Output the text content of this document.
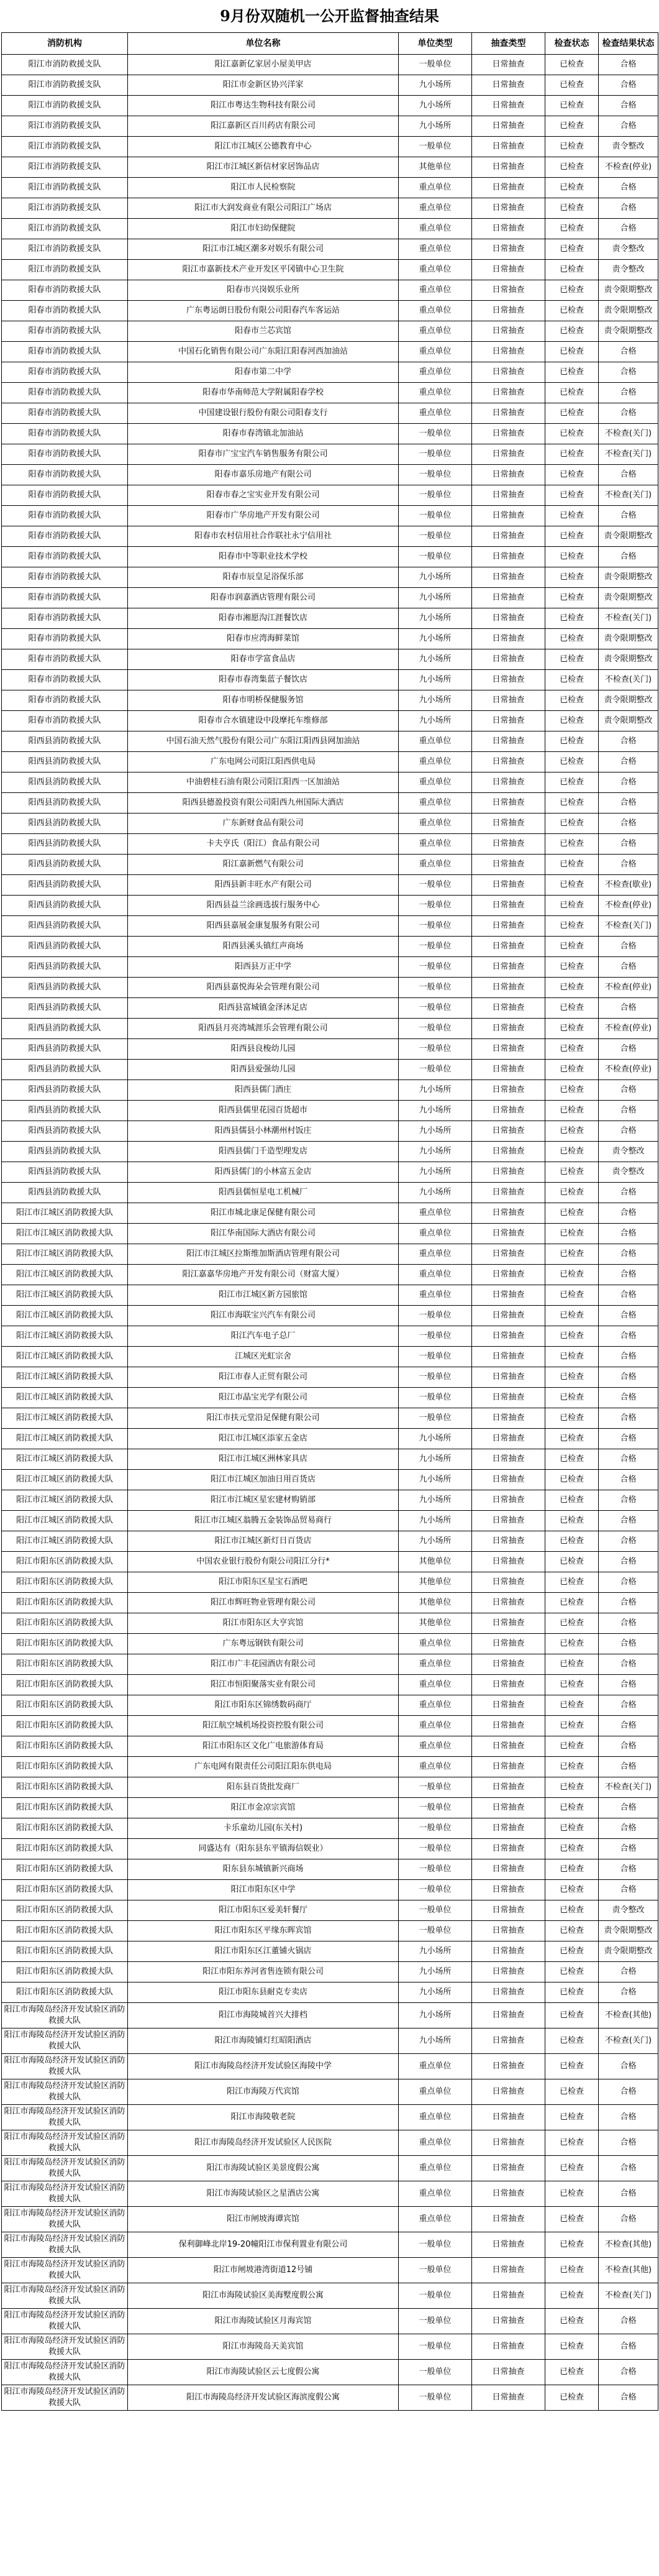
9月份双随机一公开监督抽查结果
消防机构	单位名称	单位类型	抽查类型	检查状态	检查结果状态
阳江市消防救援支队	阳江嘉新亿家居小屋美甲店	一般单位	日常抽查	已检查	合格
阳江市消防救援支队	阳江市金新区协兴洋家	九小场所	日常抽查	已检查	合格
阳江市消防救援支队	阳江市粤达生物科技有限公司	九小场所	日常抽查	已检查	合格
阳江市消防救援支队	阳江嘉新区百川药店有限公司	九小场所	日常抽查	已检查	合格
阳江市消防救援支队	阳江市江城区公德教育中心	一般单位	日常抽查	已检查	责令整改
阳江市消防救援支队	阳江市江城区新信材家居饰品店	其他单位	日常抽查	已检查	不检查(停业)
阳江市消防救援支队	阳江市人民检察院	重点单位	日常抽查	已检查	合格
阳江市消防救援支队	阳江市大润发商业有限公司阳江广场店	重点单位	日常抽查	已检查	合格
阳江市消防救援支队	阳江市妇幼保健院	重点单位	日常抽查	已检查	合格
阳江市消防救援支队	阳江市江城区潮多对娱乐有限公司	重点单位	日常抽查	已检查	责令整改
阳江市消防救援支队	阳江市嘉新技术产业开发区平冈镇中心卫生院	重点单位	日常抽查	已检查	责令整改
阳春市消防救援大队	阳春市兴岗娱乐业所	重点单位	日常抽查	已检查	责令限期整改
阳春市消防救援大队	广东粤运朗日股份有限公司阳春汽车客运站	重点单位	日常抽查	已检查	责令限期整改
阳春市消防救援大队	阳春市兰芯宾馆	重点单位	日常抽查	已检查	责令限期整改
阳春市消防救援大队	中国石化销售有限公司广东阳江阳春河西加油站	重点单位	日常抽查	已检查	合格
阳春市消防救援大队	阳春市第二中学	重点单位	日常抽查	已检查	合格
阳春市消防救援大队	阳春市华南师范大学附属阳春学校	重点单位	日常抽查	已检查	合格
阳春市消防救援大队	中国建设银行股份有限公司阳春支行	重点单位	日常抽查	已检查	合格
阳春市消防救援大队	阳春市春湾镇北加油站	一般单位	日常抽查	已检查	不检查(关门)
阳春市消防救援大队	阳春市广宝宝汽车销售服务有限公司	一般单位	日常抽查	已检查	不检查(关门)
阳春市消防救援大队	阳春市嘉乐房地产有限公司	一般单位	日常抽查	已检查	合格
阳春市消防救援大队	阳春市春之宝实业开发有限公司	一般单位	日常抽查	已检查	不检查(关门)
阳春市消防救援大队	阳春市广华房地产开发有限公司	一般单位	日常抽查	已检查	合格
阳春市消防救援大队	阳春市农村信用社合作联社永宁信用社	一般单位	日常抽查	已检查	责令限期整改
阳春市消防救援大队	阳春市中等职业技术学校	一般单位	日常抽查	已检查	合格
阳春市消防救援大队	阳春市辰皇足浴保乐部	九小场所	日常抽查	已检查	责令限期整改
阳春市消防救援大队	阳春市润嘉酒店管理有限公司	九小场所	日常抽查	已检查	责令限期整改
阳春市消防救援大队	阳春市湘愿沟江涯餐饮店	九小场所	日常抽查	已检查	不检查(关门)
阳春市消防救援大队	阳春市应湾海鲜菜馆	九小场所	日常抽查	已检查	责令限期整改
阳春市消防救援大队	阳春市学富食品店	九小场所	日常抽查	已检查	责令限期整改
阳春市消防救援大队	阳春市春湾集蓝子餐饮店	九小场所	日常抽查	已检查	不检查(关门)
阳春市消防救援大队	阳春市明桥保健服务馆	九小场所	日常抽查	已检查	责令限期整改
阳春市消防救援大队	阳春市合水镇建设中段摩托车维修部	九小场所	日常抽查	已检查	责令限期整改
阳西县消防救援大队	中国石油天然气股份有限公司广东阳江阳西县网加油站	重点单位	日常抽查	已检查	合格
阳西县消防救援大队	广东电网公司阳江阳西供电局	重点单位	日常抽查	已检查	合格
阳西县消防救援大队	中油碧桂石油有限公司阳江阳西一区加油站	重点单位	日常抽查	已检查	合格
阳西县消防救援大队	阳西县德盈投资有限公司阳西九州国际大酒店	重点单位	日常抽查	已检查	合格
阳西县消防救援大队	广东新财食品有限公司	重点单位	日常抽查	已检查	合格
阳西县消防救援大队	卡夫亨氏（阳江）食品有限公司	重点单位	日常抽查	已检查	合格
阳西县消防救援大队	阳江嘉新燃气有限公司	重点单位	日常抽查	已检查	合格
阳西县消防救援大队	阳西县新丰旺水产有限公司	一般单位	日常抽查	已检查	不检查(歇业)
阳西县消防救援大队	阳西县益兰涂画选拔行服务中心	一般单位	日常抽查	已检查	不检查(停业)
阳西县消防救援大队	阳西县嘉展金康复服务有限公司	一般单位	日常抽查	已检查	不检查(关门)
阳西县消防救援大队	阳西县溪头镇红声商场	一般单位	日常抽查	已检查	合格
阳西县消防救援大队	阳西县万正中学	一般单位	日常抽查	已检查	合格
阳西县消防救援大队	阳西县嘉悦海朵会管理有限公司	一般单位	日常抽查	已检查	不检查(停业)
阳西县消防救援大队	阳西县富城镇金泽沐足店	一般单位	日常抽查	已检查	合格
阳西县消防救援大队	阳西县月亮湾城涯乐会管理有限公司	一般单位	日常抽查	已检查	不检查(停业)
阳西县消防救援大队	阳西县良梭幼儿园	一般单位	日常抽查	已检查	合格
阳西县消防救援大队	阳西县爱强幼儿园	一般单位	日常抽查	已检查	不检查(停业)
阳西县消防救援大队	阳西县儒门酒庄	九小场所	日常抽查	已检查	合格
阳西县消防救援大队	阳西县儒里花园百货超市	九小场所	日常抽查	已检查	合格
阳西县消防救援大队	阳西县儒县小林潮州村饭庄	九小场所	日常抽查	已检查	合格
阳西县消防救援大队	阳西县儒门千造型理发店	九小场所	日常抽查	已检查	责令整改
阳西县消防救援大队	阳西县儒门的小林富五金店	九小场所	日常抽查	已检查	责令整改
阳西县消防救援大队	阳西县儒恒星电工机械厂	九小场所	日常抽查	已检查	合格
阳江市江城区消防救援大队	阳江市城北康足保健有限公司	重点单位	日常抽查	已检查	合格
阳江市江城区消防救援大队	阳江华南国际大酒店有限公司	重点单位	日常抽查	已检查	合格
阳江市江城区消防救援大队	阳江市江城区拉斯维加斯酒店管理有限公司	重点单位	日常抽查	已检查	合格
阳江市江城区消防救援大队	阳江嘉嘉华房地产开发有限公司（财富大厦）	重点单位	日常抽查	已检查	合格
阳江市江城区消防救援大队	阳江市江城区新方园旅馆	重点单位	日常抽查	已检查	合格
阳江市江城区消防救援大队	阳江市海联宝兴汽车有限公司	一般单位	日常抽查	已检查	合格
阳江市江城区消防救援大队	阳江汽车电子总厂	一般单位	日常抽查	已检查	合格
阳江市江城区消防救援大队	江城区光虹宗舍	一般单位	日常抽查	已检查	合格
阳江市江城区消防救援大队	阳江市春人正贸有限公司	一般单位	日常抽查	已检查	合格
阳江市江城区消防救援大队	阳江市晶宝光学有限公司	一般单位	日常抽查	已检查	合格
阳江市江城区消防救援大队	阳江市扶元堂沿足保健有限公司	一般单位	日常抽查	已检查	合格
阳江市江城区消防救援大队	阳江市江城区添家五金店	九小场所	日常抽查	已检查	合格
阳江市江城区消防救援大队	阳江市江城区洲林家具店	九小场所	日常抽查	已检查	合格
阳江市江城区消防救援大队	阳江市江城区加油日用百货店	九小场所	日常抽查	已检查	合格
阳江市江城区消防救援大队	阳江市江城区星宏建材购销部	九小场所	日常抽查	已检查	合格
阳江市江城区消防救援大队	阳江市江城区翁腾五金装饰品贸易商行	九小场所	日常抽查	已检查	合格
阳江市江城区消防救援大队	阳江市江城区新灯日百货店	九小场所	日常抽查	已检查	合格
阳江市阳东区消防救援大队	中国农业银行股份有限公司阳江分行*	其他单位	日常抽查	已检查	合格
阳江市阳东区消防救援大队	阳江市阳东区星宝石酒吧	其他单位	日常抽查	已检查	合格
阳江市阳东区消防救援大队	阳江市辉旺物业管理有限公司	其他单位	日常抽查	已检查	合格
阳江市阳东区消防救援大队	阳江市阳东区大亨宾馆	其他单位	日常抽查	已检查	合格
阳江市阳东区消防救援大队	广东粤远钢铁有限公司	重点单位	日常抽查	已检查	合格
阳江市阳东区消防救援大队	阳江市广丰花园酒店有限公司	重点单位	日常抽查	已检查	合格
阳江市阳东区消防救援大队	阳江市恒阳聚落实业有限公司	重点单位	日常抽查	已检查	合格
阳江市阳东区消防救援大队	阳江市阳东区锦绣数码商厅	重点单位	日常抽查	已检查	合格
阳江市阳东区消防救援大队	阳江航空城机场投资控股有限公司	重点单位	日常抽查	已检查	合格
阳江市阳东区消防救援大队	阳江市阳东区文化广电旅游体育局	重点单位	日常抽查	已检查	合格
阳江市阳东区消防救援大队	广东电网有限责任公司阳江阳东供电局	重点单位	日常抽查	已检查	合格
阳江市阳东区消防救援大队	阳东县百货批发商厂	一般单位	日常抽查	已检查	不检查(关门)
阳江市阳东区消防救援大队	阳江市金凉宗宾馆	一般单位	日常抽查	已检查	合格
阳江市阳东区消防救援大队	卡乐童幼儿园(东关村)	一般单位	日常抽查	已检查	合格
阳江市阳东区消防救援大队	同盛达有（阳东县东平镇海信娱业）	一般单位	日常抽查	已检查	合格
阳江市阳东区消防救援大队	阳东县东城镇新兴商场	一般单位	日常抽查	已检查	合格
阳江市阳东区消防救援大队	阳江市阳东区中学	一般单位	日常抽查	已检查	合格
阳江市阳东区消防救援大队	阳江市阳东区爱美轩餐厅	一般单位	日常抽查	已检查	责令整改
阳江市阳东区消防救援大队	阳江市阳东区平缘东晖宾馆	一般单位	日常抽查	已检查	责令限期整改
阳江市阳东区消防救援大队	阳江市阳东区江董铺火锅店	九小场所	日常抽查	已检查	责令限期整改
阳江市阳东区消防救援大队	阳江市阳东养河省售连锁有限公司	九小场所	日常抽查	已检查	合格
阳江市阳东区消防救援大队	阳江市阳东县耐克专卖店	九小场所	日常抽查	已检查	合格
阳江市海陵岛经济开发试验区消防救援大队	阳江市海陵城首兴大排档	九小场所	日常抽查	已检查	不检查(其他)
阳江市海陵岛经济开发试验区消防救援大队	阳江市海陵铺灯红昭阳酒店	九小场所	日常抽查	已检查	不检查(关门)
阳江市海陵岛经济开发试验区消防救援大队	阳江市海陵岛经济开发试验区海陵中学	重点单位	日常抽查	已检查	合格
阳江市海陵岛经济开发试验区消防救援大队	阳江市海陵万代宾馆	重点单位	日常抽查	已检查	合格
阳江市海陵岛经济开发试验区消防救援大队	阳江市海陵敬老院	重点单位	日常抽查	已检查	合格
阳江市海陵岛经济开发试验区消防救援大队	阳江市海陵岛经济开发试验区人民医院	重点单位	日常抽查	已检查	合格
阳江市海陵岛经济开发试验区消防救援大队	阳江市海陵试验区美景度假公寓	重点单位	日常抽查	已检查	合格
阳江市海陵岛经济开发试验区消防救援大队	阳江市海陵试验区之星酒店公寓	重点单位	日常抽查	已检查	合格
阳江市海陵岛经济开发试验区消防救援大队	阳江市闸坡海谭宾馆	重点单位	日常抽查	已检查	合格
阳江市海陵岛经济开发试验区消防救援大队	保利御峰北岸19-20幢阳江市保利置业有限公司	一般单位	日常抽查	已检查	不检查(其他)
阳江市海陵岛经济开发试验区消防救援大队	阳江市闸坡港湾街道12号铺	一般单位	日常抽查	已检查	不检查(其他)
阳江市海陵岛经济开发试验区消防救援大队	阳江市海陵试验区美海墅度假公寓	一般单位	日常抽查	已检查	不检查(关门)
阳江市海陵岛经济开发试验区消防救援大队	阳江市海陵试验区月海宾馆	一般单位	日常抽查	已检查	合格
阳江市海陵岛经济开发试验区消防救援大队	阳江市海陵岛天美宾馆	一般单位	日常抽查	已检查	合格
阳江市海陵岛经济开发试验区消防救援大队	阳江市海陵试验区云七度假公寓	一般单位	日常抽查	已检查	合格
阳江市海陵岛经济开发试验区消防救援大队	阳江市海陵岛经济开发试验区海滨度假公寓	一般单位	日常抽查	已检查	合格
